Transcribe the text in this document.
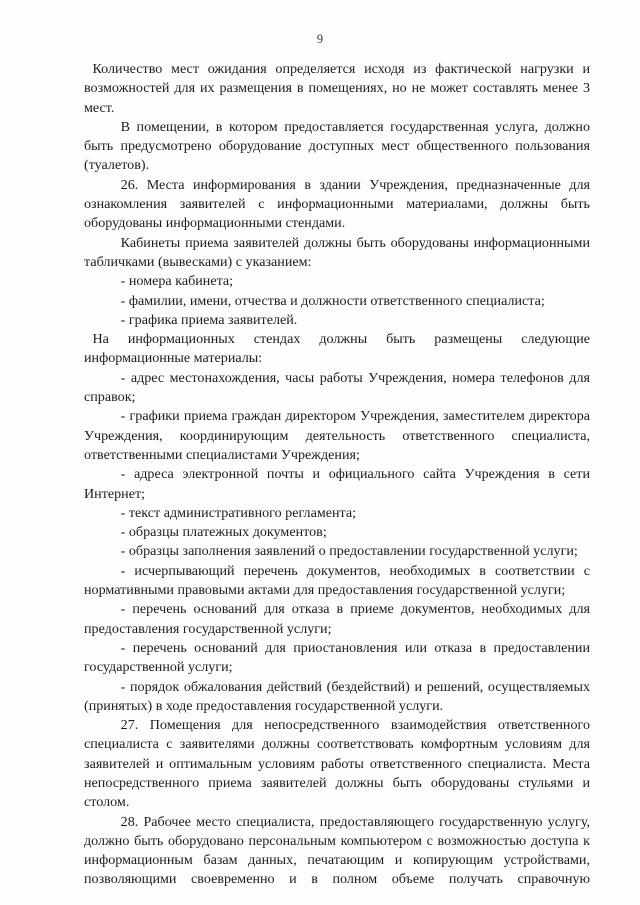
9

Количество мест ожидания определяется исходя из фактической нагрузки и возможностей для их размещения в помещениях, но не может составлять менее 3 мест.

В помещении, в котором предоставляется государственная услуга, должно быть предусмотрено оборудование доступных мест общественного пользования (туалетов).

26. Места информирования в здании Учреждения, предназначенные для ознакомления заявителей с информационными материалами, должны быть оборудованы информационными стендами.

Кабинеты приема заявителей должны быть оборудованы информационными табличками (вывесками) с указанием:

- номера кабинета;

- фамилии, имени, отчества и должности ответственного специалиста;

- графика приема заявителей.

На информационных стендах должны быть размещены следующие информационные материалы:

- адрес местонахождения, часы работы Учреждения, номера телефонов для справок;

- графики приема граждан директором Учреждения, заместителем директора Учреждения, координирующим деятельность ответственного специалиста, ответственными специалистами Учреждения;

- адреса электронной почты и официального сайта Учреждения в сети Интернет;

- текст административного регламента;

- образцы платежных документов;

- образцы заполнения заявлений о предоставлении государственной услуги;

- исчерпывающий перечень документов, необходимых в соответствии с нормативными правовыми актами для предоставления государственной услуги;

- перечень оснований для отказа в приеме документов, необходимых для предоставления государственной услуги;

- перечень оснований для приостановления или отказа в предоставлении государственной услуги;

- порядок обжалования действий (бездействий) и решений, осуществляемых (принятых) в ходе предоставления государственной услуги.

27. Помещения для непосредственного взаимодействия ответственного специалиста с заявителями должны соответствовать комфортным условиям для заявителей и оптимальным условиям работы ответственного специалиста. Места непосредственного приема заявителей должны быть оборудованы стульями и столом.

28. Рабочее место специалиста, предоставляющего государственную услугу, должно быть оборудовано персональным компьютером с возможностью доступа к информационным базам данных, печатающим и копирующим устройствами, позволяющими своевременно и в полном объеме получать справочную
